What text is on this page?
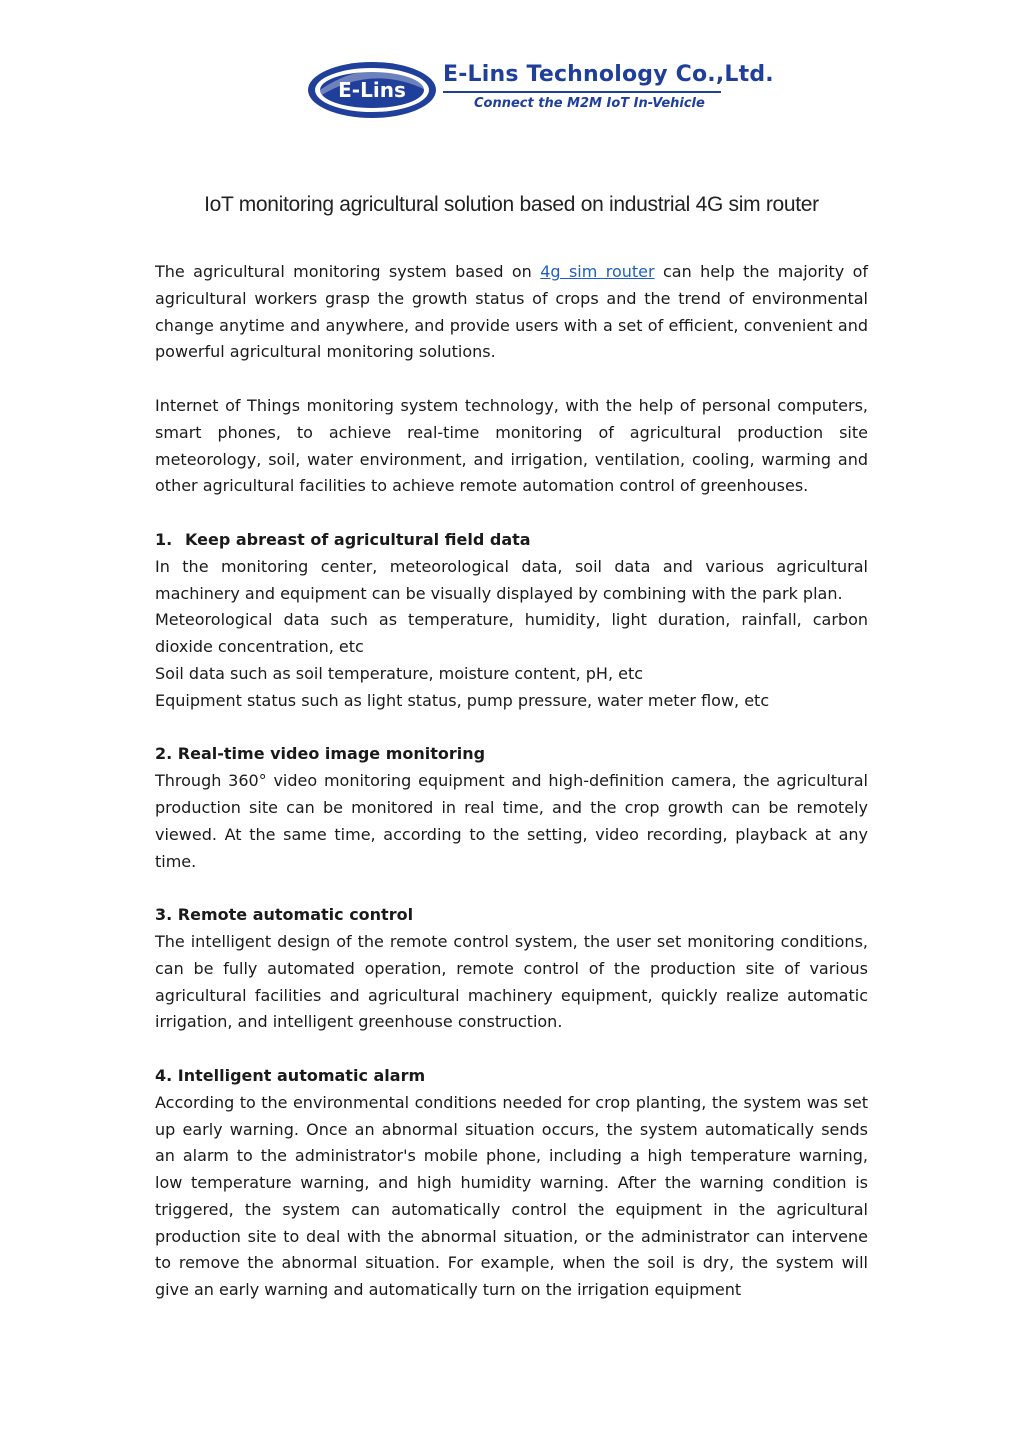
E-Lins
E-Lins Technology Co.,Ltd.
Connect the M2M IoT In-Vehicle
IoT monitoring agricultural solution based on industrial 4G sim router

The agricultural monitoring system based on 4g sim router can help the majority of agricultural workers grasp the growth status of crops and the trend of environmental change anytime and anywhere, and provide users with a set of efficient, convenient and powerful agricultural monitoring solutions.

Internet of Things monitoring system technology, with the help of personal computers, smart phones, to achieve real-time monitoring of agricultural production site meteorology, soil, water environment, and irrigation, ventilation, cooling, warming and other agricultural facilities to achieve remote automation control of greenhouses.

1. Keep abreast of agricultural field data

In the monitoring center, meteorological data, soil data and various agricultural machinery and equipment can be visually displayed by combining with the park plan.

Meteorological data such as temperature, humidity, light duration, rainfall, carbon dioxide concentration, etc

Soil data such as soil temperature, moisture content, pH, etc

Equipment status such as light status, pump pressure, water meter flow, etc

2. Real-time video image monitoring

Through 360° video monitoring equipment and high-definition camera, the agricultural production site can be monitored in real time, and the crop growth can be remotely viewed. At the same time, according to the setting, video recording, playback at any time.

3. Remote automatic control

The intelligent design of the remote control system, the user set monitoring conditions, can be fully automated operation, remote control of the production site of various agricultural facilities and agricultural machinery equipment, quickly realize automatic irrigation, and intelligent greenhouse construction.

4. Intelligent automatic alarm

According to the environmental conditions needed for crop planting, the system was set up early warning. Once an abnormal situation occurs, the system automatically sends an alarm to the administrator's mobile phone, including a high temperature warning, low temperature warning, and high humidity warning. After the warning condition is triggered, the system can automatically control the equipment in the agricultural production site to deal with the abnormal situation, or the administrator can intervene to remove the abnormal situation. For example, when the soil is dry, the system will give an early warning and automatically turn on the irrigation equipment
